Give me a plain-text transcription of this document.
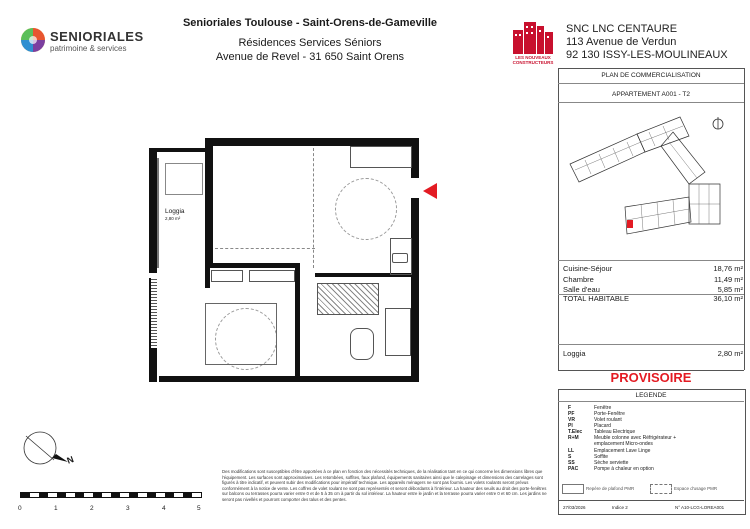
SENIORIALES
patrimoine & services
Senioriales Toulouse - Saint-Orens-de-Gameville
Résidences Services Séniors
Avenue de Revel - 31 650 Saint Orens	LES NOUVEAUX
CONSTRUCTEURS
SNC LNC CENTAURE
113 Avenue de Verdun
92 130 ISSY-LES-MOULINEAUX
PLAN DE COMMERCIALISATION
APPARTEMENT A001 - T2
Cuisine-Séjour	18,76 m²
Chambre	11,49 m²
Salle d'eau	5,85 m²
TOTAL HABITABLE	36,10 m²
Loggia	2,80 m²
PROVISOIRE
LEGENDE
F	Fenêtre
PF	Porte-Fenêtre
VR	Volet roulant
Pl	Placard
T.Elec Tableau Electrique
R+M	Meuble colonne avec Réfrigérateur +
emplacement Micro-ondes
LL	Emplacement Lave Linge
S	Soffite
SS	Sèche serviette
PAC	Pompe à chaleur en option
Repère de plafond PMR	Espace d'usage PMR
27/03/2026	Indice 2	N° A10-LCG-LOREA001
Loggia
2,80 m²
N
0	1	2	3	4	5
Des modifications sont susceptibles d'être apportées à ce plan en fonction des nécessités techniques, de la réalisation tant en ce qui concerne les dimensions libres que l'équipement. Les surfaces sont approximatives. Les retombées, soffites, faux plafond, équipements sanitaires ainsi que le calepinage et dimensions des carrelages sont figurés à titre indicatif, et peuvent subir des modifications pour impératif technique. Les appareils ménagers ne sont pas fournis. Les volets roulants seront prévus conformément à la notice de vente. Les coffres de volet roulant ne sont pas représentés et seront débordants à l'intérieur. La hauteur des seuils au droit des porte-fenêtres sur balcons ou terrasses pourra varier entre 0 et de 5 à 35 cm à partir du sol intérieur. La hauteur entre le jardin et la terrasse pourra varier entre 0 et 60 cm. Les jardins ne seront pas nivellés et pourront comporter des talus et des pentes.
